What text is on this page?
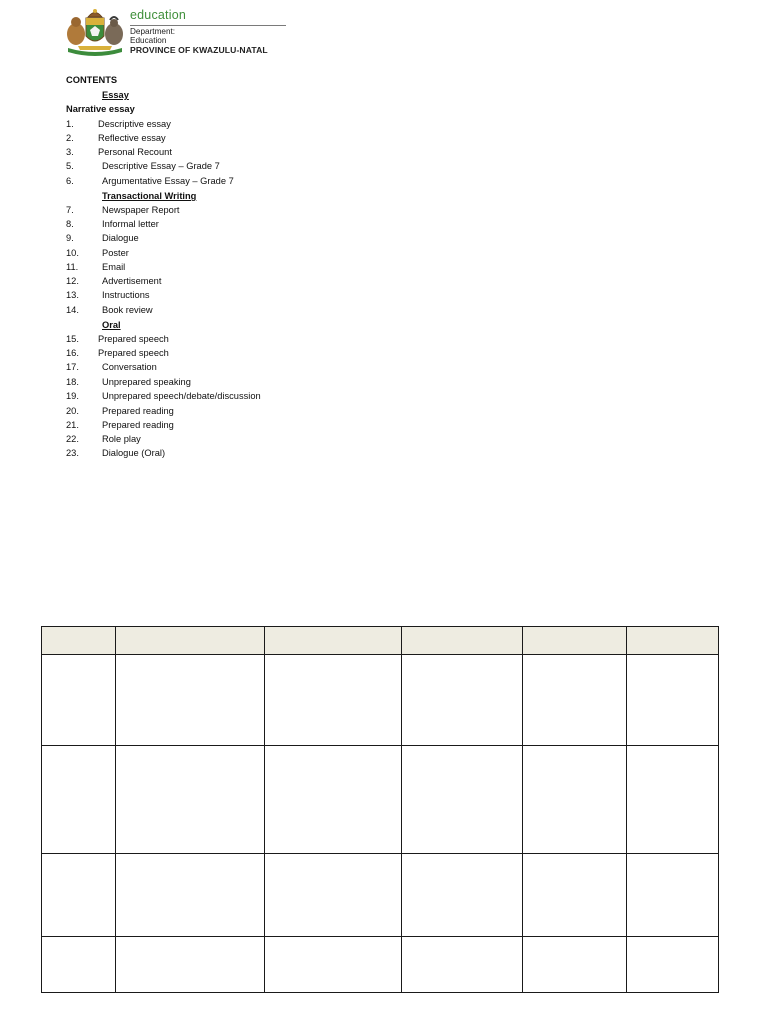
education
Department:
Education
PROVINCE OF KWAZULU-NATAL
CONTENTS
Essay
Narrative essay
1.	Descriptive essay
2.	Reflective essay
3.	Personal Recount
5.	Descriptive Essay – Grade 7
6.	Argumentative Essay – Grade 7
Transactional Writing
7.	Newspaper Report
8.	Informal letter
9.	Dialogue
10. Poster
11.	Email
12. Advertisement
13. Instructions
14. Book review
Oral
15. Prepared speech
16. Prepared speech
17. Conversation
18. Unprepared speaking
19. Unprepared speech/debate/discussion
20. Prepared reading
21. Prepared reading
22. Role play
23. Dialogue (Oral)
